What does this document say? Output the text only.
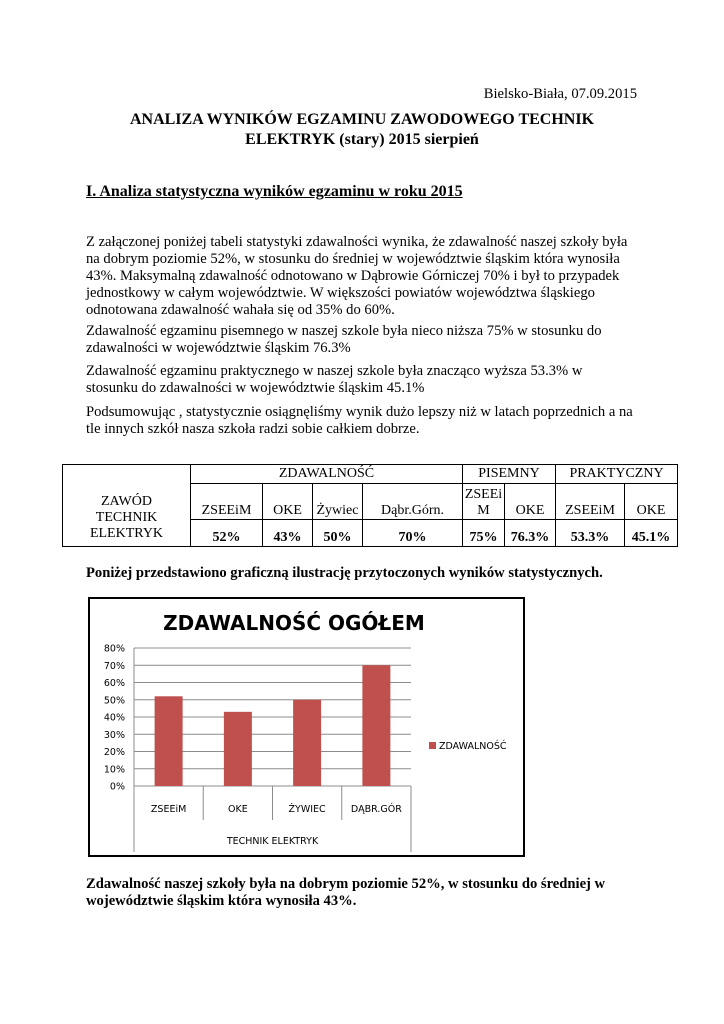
Bielsko-Biała, 07.09.2015
ANALIZA WYNIKÓW EGZAMINU ZAWODOWEGO TECHNIK
ELEKTRYK (stary) 2015 sierpień
I. Analiza statystyczna wyników egzaminu w roku 2015
Z załączonej poniżej tabeli statystyki zdawalności wynika, że zdawalność naszej szkoły była
na dobrym poziomie 52%, w stosunku do średniej w województwie śląskim która wynosiła
43%. Maksymalną zdawalność odnotowano w Dąbrowie Górniczej 70% i był to przypadek
jednostkowy w całym województwie. W większości powiatów województwa śląskiego
odnotowana zdawalność wahała się od 35% do 60%.
Zdawalność egzaminu pisemnego w naszej szkole była nieco niższa 75% w stosunku do
zdawalności w województwie śląskim 76.3%
Zdawalność egzaminu praktycznego w naszej szkole była znacząco wyższa 53.3% w
stosunku do zdawalności w województwie śląskim 45.1%
Podsumowując , statystycznie osiągnęliśmy wynik dużo lepszy niż w latach poprzednich a na
tle innych szkół nasza szkoła radzi sobie całkiem dobrze.
ZAWÓD
TECHNIK
ELEKTRYK	ZDAWALNOŚĆ				PISEMNY		PRAKTYCZNY	
	ZSEEiM	OKE	Żywiec	Dąbr.Górn.	ZSEEi M	OKE	ZSEEiM	OKE
	52%	43%	50%	70%	75%	76.3%	53.3%	45.1%
Poniżej przedstawiono graficzną ilustrację przytoczonych wyników statystycznych.
ZDAWALNOŚĆ OGÓŁEM
0%
10%
20%
30%
40%
50%
60%
70%
80%
ZSEEiM	OKE	ŻYWIEC	DĄBR.GÓR
TECHNIK ELEKTRYK
ZDAWALNOŚĆ
Zdawalność naszej szkoły była na dobrym poziomie 52%, w stosunku do średniej w
województwie śląskim która wynosiła 43%.
